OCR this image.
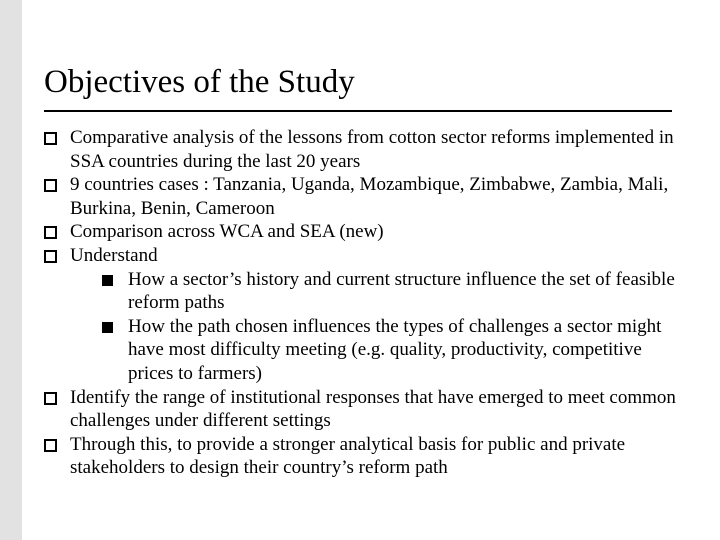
Objectives of the Study
Comparative analysis of the lessons from cotton sector reforms implemented in SSA countries during the last 20 years
9 countries cases : Tanzania, Uganda, Mozambique, Zimbabwe, Zambia, Mali, Burkina, Benin, Cameroon
Comparison across WCA and SEA (new)
Understand
How a sector’s history and current structure influence the set of feasible reform paths
How the path chosen influences the types of challenges a sector might have most difficulty meeting (e.g. quality, productivity, competitive prices to farmers)
Identify the range of institutional responses that have emerged to meet common challenges under different settings
Through this, to provide a stronger analytical basis for public and private stakeholders to design their country’s reform path
